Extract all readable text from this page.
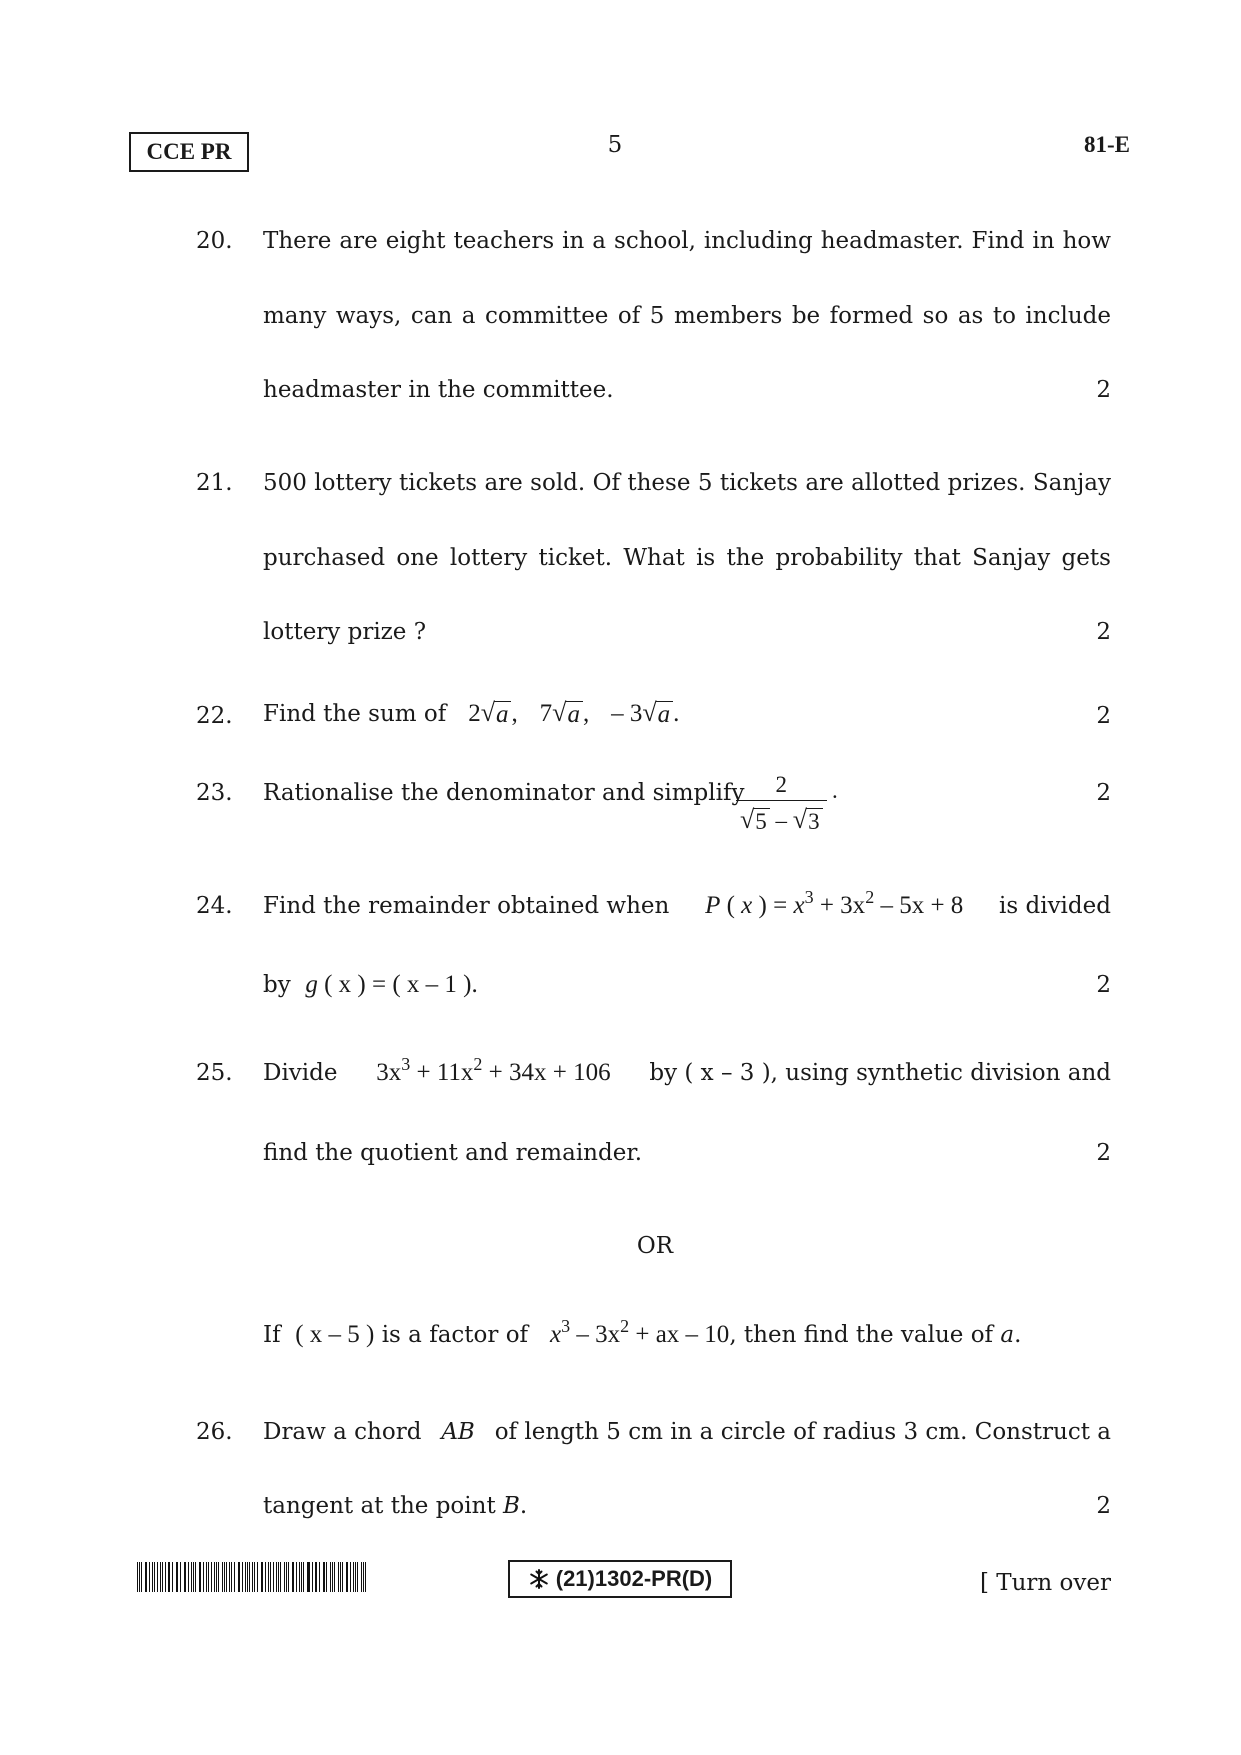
CCE PR	5	81-E
20. There are eight teachers in a school, including headmaster. Find in how
many ways, can a committee of 5 members be formed so as to include
headmaster in the committee.	2
21. 500 lottery tickets are sold. Of these 5 tickets are allotted prizes. Sanjay
purchased one lottery ticket. What is the probability that Sanjay gets
lottery prize ?	2
22. Find the sum of 2 √ a , 7 √ a , – 3 √ a .	2
23. Rationalise the denominator and simplify
$\frac{2}{√ 5 - √ 3}$ .	2
24. Find the remainder obtained when P ( x ) = $x^3 + 3x^2 - 5x + 8$ is divided
by g ( x ) = ( x – 1 ).	2
25. Divide $3x^3 + 11x^2 + 34x + 106$ by ( x – 3 ), using synthetic division and
find the quotient and remainder.	2
OR
If ( x – 5 ) is a factor of $x^3 - 3x^2$ + ax – 10, then find the value of a.
26. Draw a chord AB of length 5 cm in a circle of radius 3 cm. Construct a
tangent at the point B.	2
(21)1302-PR(D)	[ Turn over
